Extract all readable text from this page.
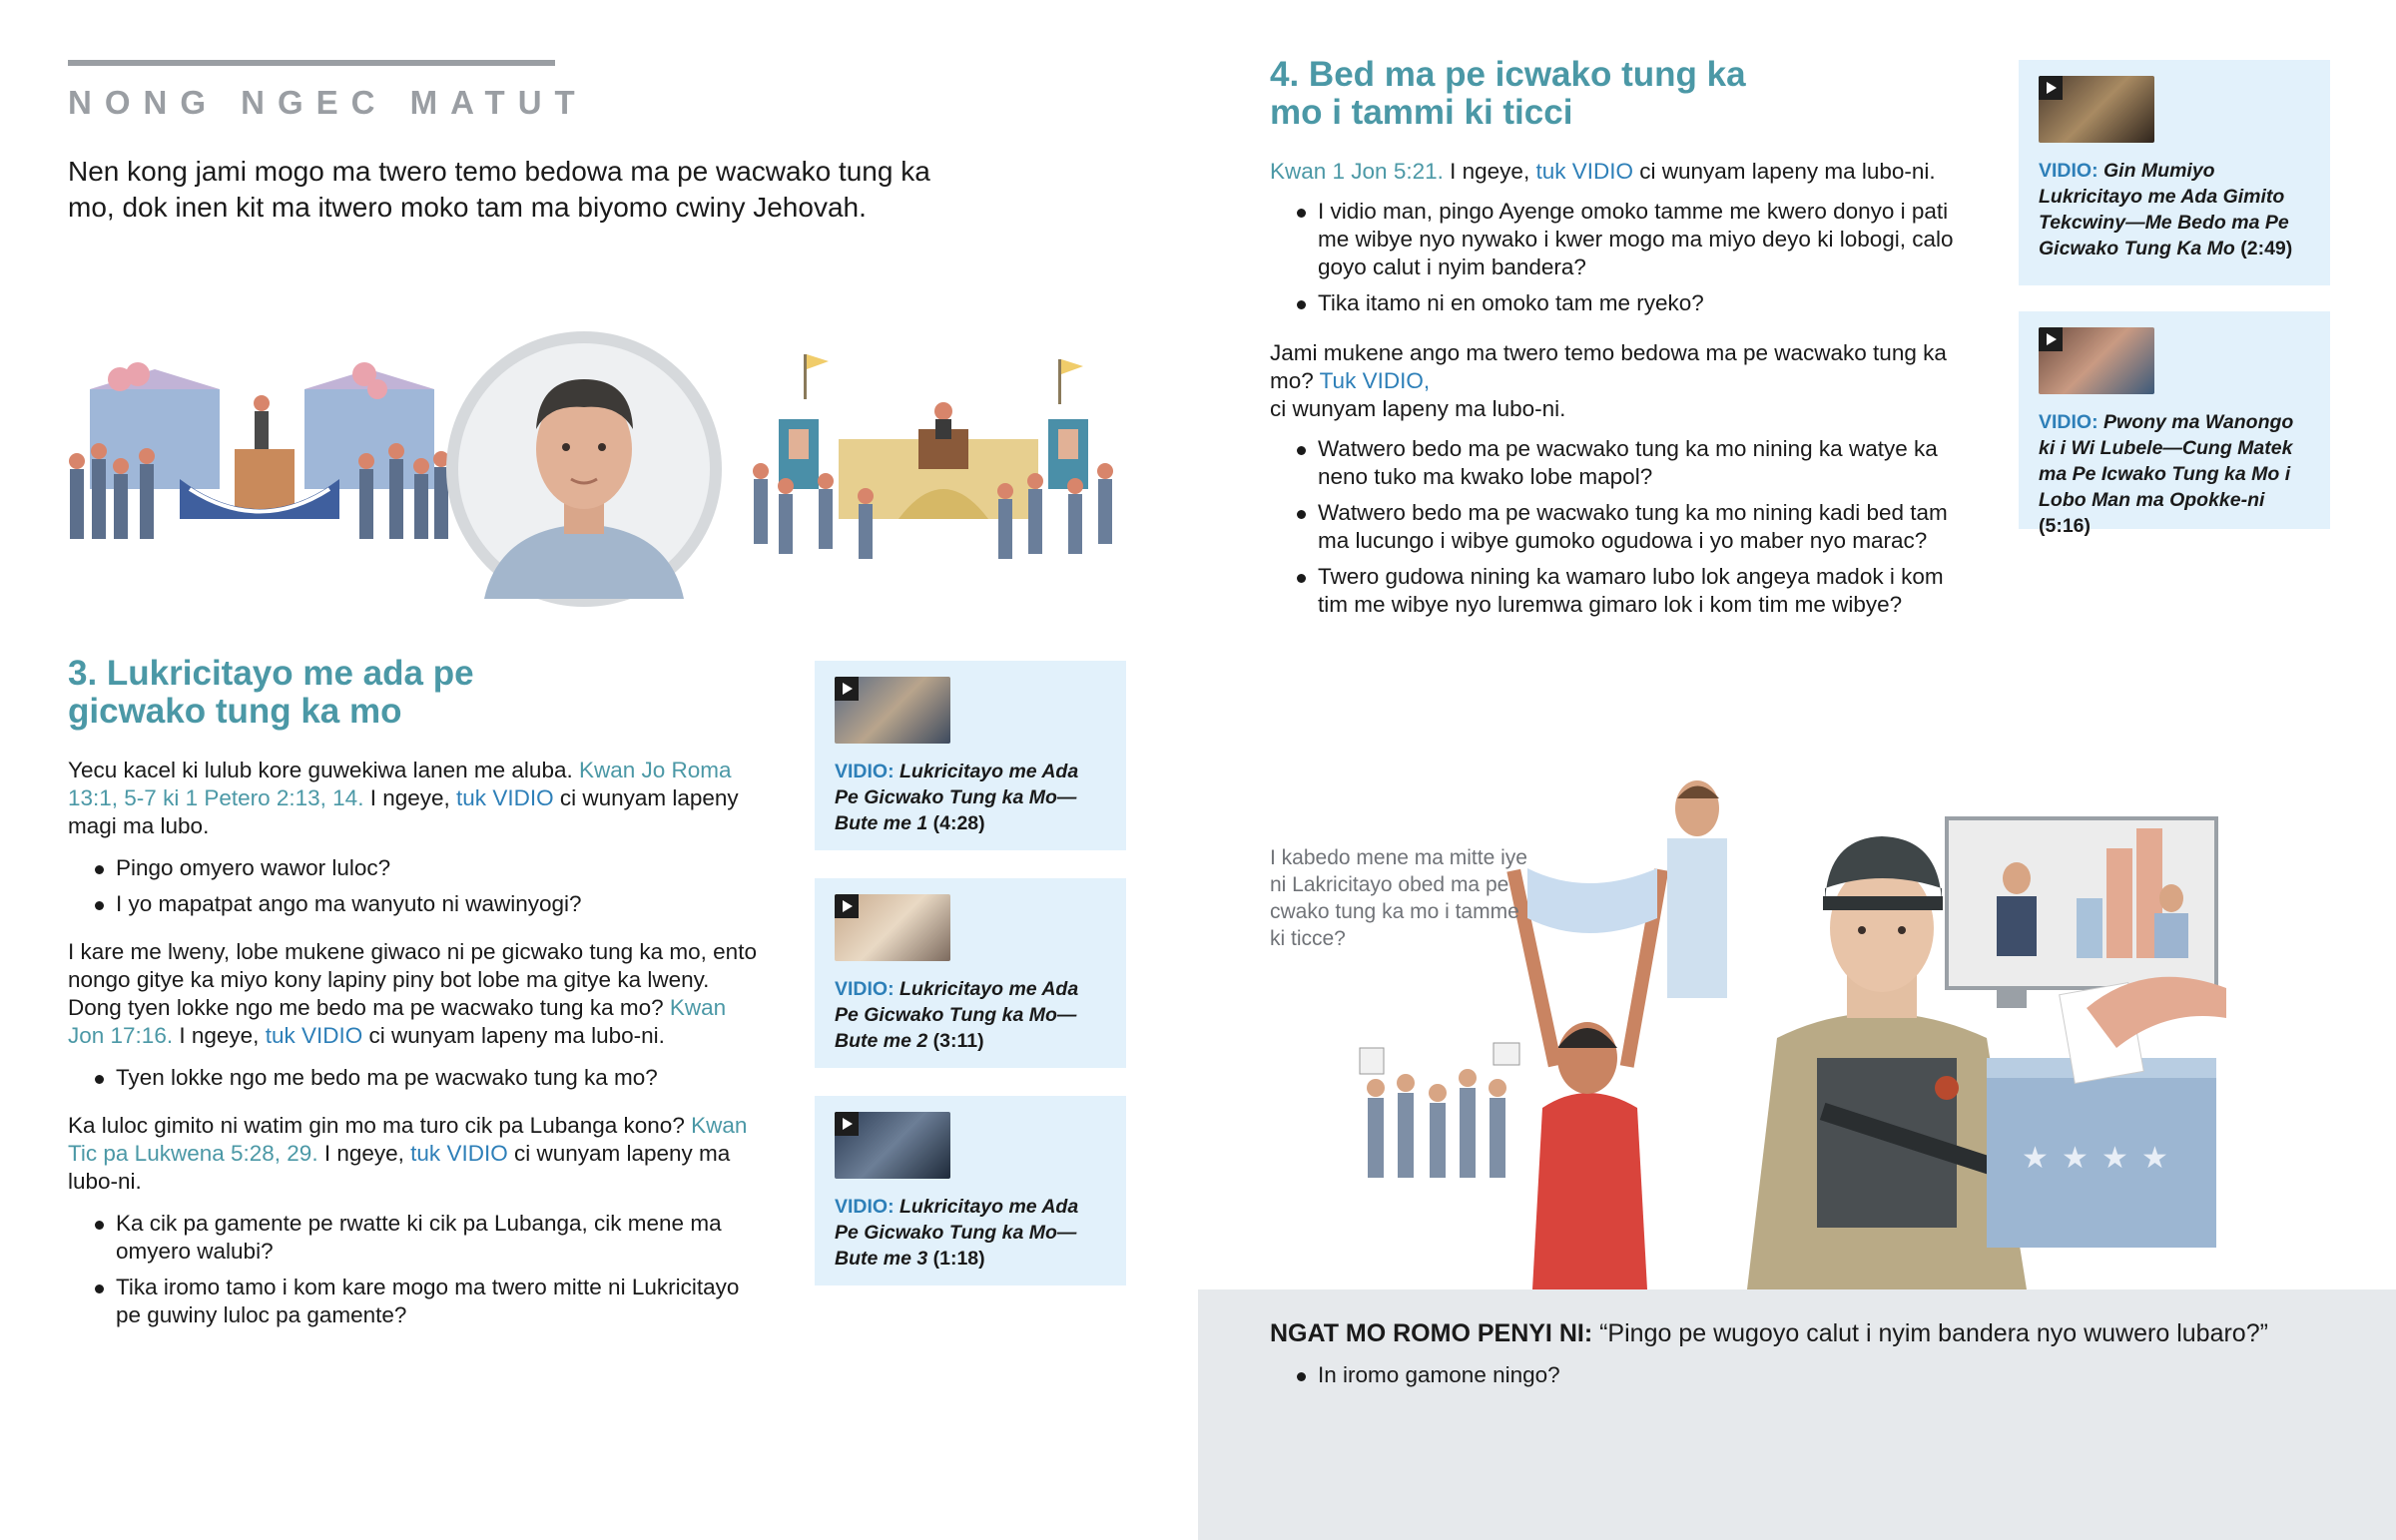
NONG NGEC MATUT
Nen kong jami mogo ma twero temo bedowa ma pe wacwako tung ka mo, dok inen kit ma itwero moko tam ma biyomo cwiny Jehovah.
3. Lukricitayo me ada pe
gicwako tung ka mo

Yecu kacel ki lulub kore guwekiwa lanen me aluba. Kwan Jo Roma 13:1, 5-7 ki 1 Petero 2:13, 14. I ngeye, tuk VIDIO ci wunyam lapeny magi ma lubo.

Pingo omyero wawor luloc?
I yo mapatpat ango ma wanyuto ni wawinyogi?

I kare me lweny, lobe mukene giwaco ni pe gicwako tung ka mo, ento nongo gitye ka miyo kony lapiny piny bot lobe ma gitye ka lweny. Dong tyen lokke ngo me bedo ma pe wacwako tung ka mo? Kwan Jon 17:16. I ngeye, tuk VIDIO ci wunyam lapeny ma lubo-ni.

Tyen lokke ngo me bedo ma pe wacwako tung ka mo?

Ka luloc gimito ni watim gin mo ma turo cik pa Lubanga kono? Kwan Tic pa Lukwena 5:28, 29. I ngeye, tuk VIDIO ci wunyam lapeny ma lubo-ni.

Ka cik pa gamente pe rwatte ki cik pa Lubanga, cik mene ma omyero walubi?
Tika iromo tamo i kom kare mogo ma twero mitte ni Lukricitayo pe guwiny luloc pa gamente?
VIDIO: Lukricitayo me Ada Pe Gicwako Tung ka Mo—Bute me 1 (4:28)
VIDIO: Lukricitayo me Ada Pe Gicwako Tung ka Mo—Bute me 2 (3:11)
VIDIO: Lukricitayo me Ada Pe Gicwako Tung ka Mo—Bute me 3 (1:18)
4. Bed ma pe icwako tung ka
mo i tammi ki ticci

Kwan 1 Jon 5:21. I ngeye, tuk VIDIO ci wunyam lapeny ma lubo-ni.

I vidio man, pingo Ayenge omoko tamme me kwero donyo i pati me wibye nyo nywako i kwer mogo ma miyo deyo ki lobogi, calo goyo calut i nyim bandera?
Tika itamo ni en omoko tam me ryeko?

Jami mukene ango ma twero temo bedowa ma pe wacwako tung ka mo? Tuk VIDIO,
ci wunyam lapeny ma lubo-ni.

Watwero bedo ma pe wacwako tung ka mo nining ka watye ka neno tuko ma kwako lobe mapol?
Watwero bedo ma pe wacwako tung ka mo nining kadi bed tam ma lucungo i wibye gumoko ogudowa i yo maber nyo marac?
Twero gudowa nining ka wamaro lubo lok angeya madok i kom tim me wibye nyo luremwa gimaro lok i kom tim me wibye?
VIDIO: Gin Mumiyo Lukricitayo me Ada Gimito Tekcwiny—Me Bedo ma Pe Gicwako Tung Ka Mo (2:49)
VIDIO: Pwony ma Wanongo ki i Wi Lubele—Cung Matek ma Pe Icwako Tung ka Mo i Lobo Man ma Opokke-ni (5:16)
★ ★ ★ ★
I kabedo mene ma mitte iye ni Lakricitayo obed ma pe cwako tung ka mo i tamme ki ticce?

NGAT MO ROMO PENYI NI: “Pingo pe wugoyo calut i nyim bandera nyo wuwero lubaro?”

In iromo gamone ningo?
